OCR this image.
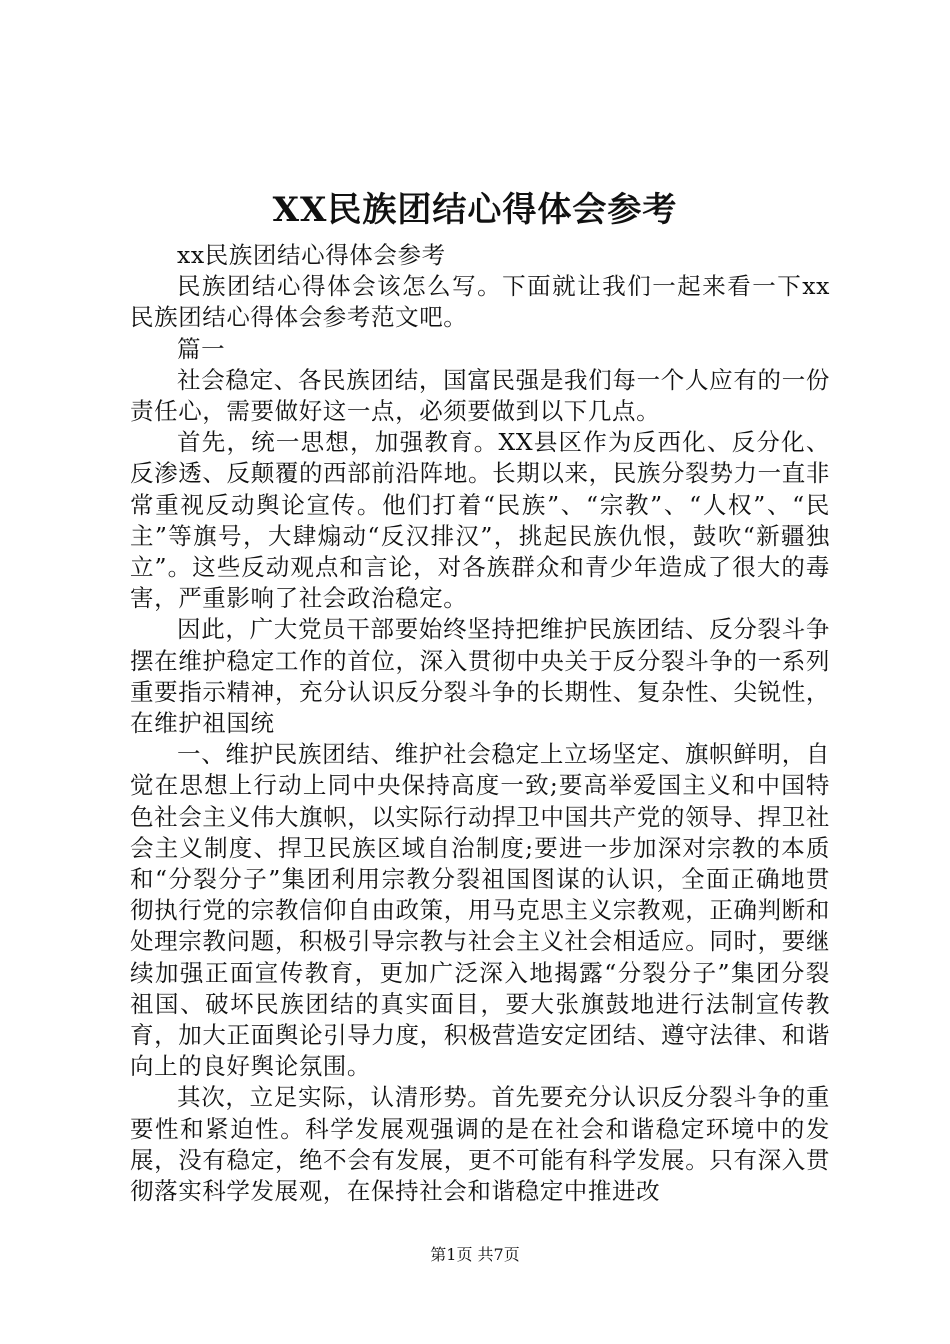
XX民族团结心得体会参考

xx民族团结心得体会参考

民族团结心得体会该怎么写。下面就让我们一起来看一下xx民族团结心得体会参考范文吧。

篇一

社会稳定、各民族团结，国富民强是我们每一个人应有的一份责任心，需要做好这一点，必须要做到以下几点。

首先，统一思想，加强教育。XX县区作为反西化、反分化、反渗透、反颠覆的西部前沿阵地。长期以来，民族分裂势力一直非常重视反动舆论宣传。他们打着“民族”、“宗教”、“人权”、“民主”等旗号，大肆煽动“反汉排汉”，挑起民族仇恨，鼓吹“新疆独立”。这些反动观点和言论，对各族群众和青少年造成了很大的毒害，严重影响了社会政治稳定。

因此，广大党员干部要始终坚持把维护民族团结、反分裂斗争摆在维护稳定工作的首位，深入贯彻中央关于反分裂斗争的一系列重要指示精神，充分认识反分裂斗争的长期性、复杂性、尖锐性，在维护祖国统

一、维护民族团结、维护社会稳定上立场坚定、旗帜鲜明，自觉在思想上行动上同中央保持高度一致;要高举爱国主义和中国特色社会主义伟大旗帜，以实际行动捍卫中国共产党的领导、捍卫社会主义制度、捍卫民族区域自治制度;要进一步加深对宗教的本质和“分裂分子”集团利用宗教分裂祖国图谋的认识，全面正确地贯彻执行党的宗教信仰自由政策，用马克思主义宗教观，正确判断和处理宗教问题，积极引导宗教与社会主义社会相适应。同时，要继续加强正面宣传教育，更加广泛深入地揭露“分裂分子”集团分裂祖国、破坏民族团结的真实面目，要大张旗鼓地进行法制宣传教育，加大正面舆论引导力度，积极营造安定团结、遵守法律、和谐向上的良好舆论氛围。

其次，立足实际，认清形势。首先要充分认识反分裂斗争的重要性和紧迫性。科学发展观强调的是在社会和谐稳定环境中的发展，没有稳定，绝不会有发展，更不可能有科学发展。只有深入贯彻落实科学发展观，在保持社会和谐稳定中推进改

第1页 共7页
